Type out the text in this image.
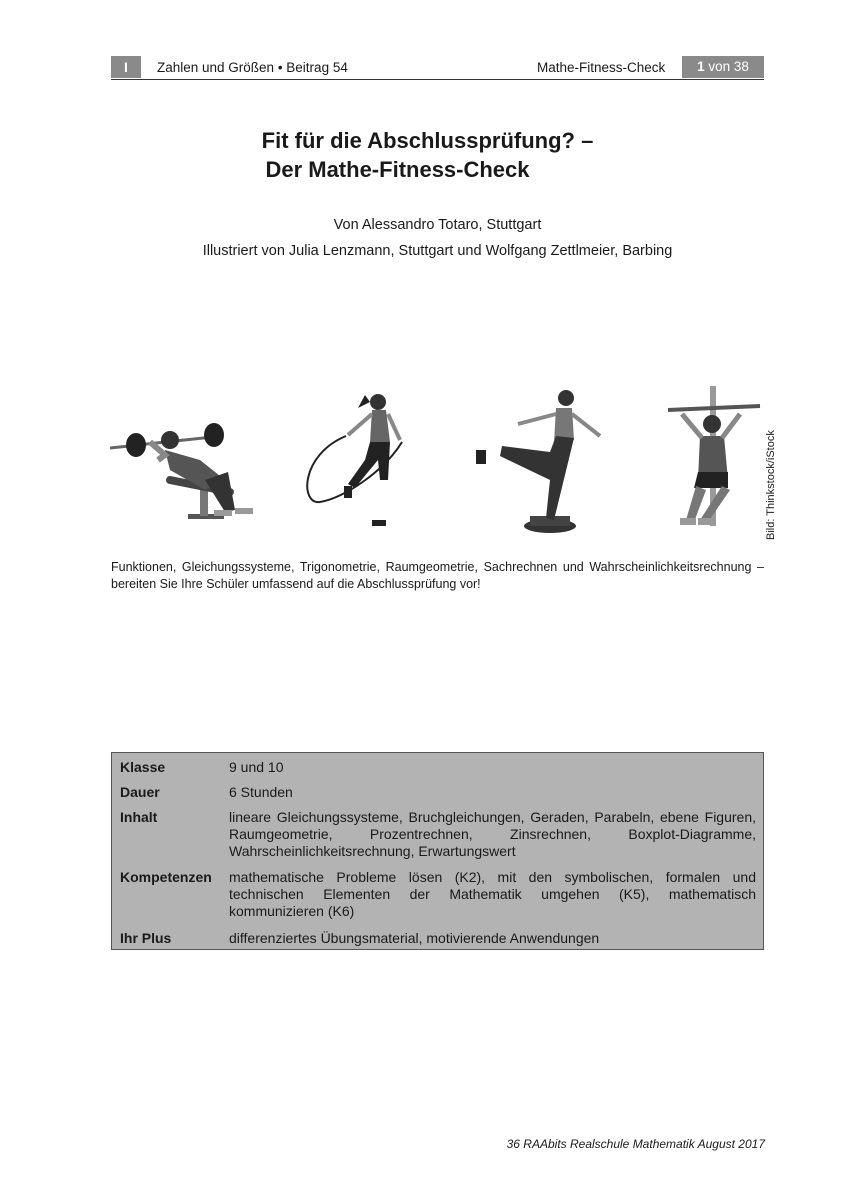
I	Zahlen und Größen • Beitrag 54	Mathe-Fitness-Check	1 von 38
Fit für die Abschlussprüfung? –
Der Mathe-Fitness-Check
Von Alessandro Totaro, Stuttgart
Illustriert von Julia Lenzmann, Stuttgart und Wolfgang Zettlmeier, Barbing
Bild: Thinkstock/iStock
Funktionen, Gleichungssysteme, Trigonometrie, Raumgeometrie, Sachrechnen und Wahrscheinlichkeitsrechnung – bereiten Sie Ihre Schüler umfassend auf die Abschlussprüfung vor!
Klasse	9 und 10
Dauer	6 Stunden
Inhalt	lineare Gleichungssysteme, Bruchgleichungen, Geraden, Parabeln, ebene Figuren, Raumgeometrie, Prozentrechnen, Zinsrechnen, Boxplot-Diagramme, Wahrscheinlichkeitsrechnung, Erwartungswert
Kompetenzen	mathematische Probleme lösen (K2), mit den symbolischen, formalen und technischen Elementen der Mathematik umgehen (K5), mathematisch kommunizieren (K6)
Ihr Plus	differenziertes Übungsmaterial, motivierende Anwendungen
36 RAAbits Realschule Mathematik August 2017
